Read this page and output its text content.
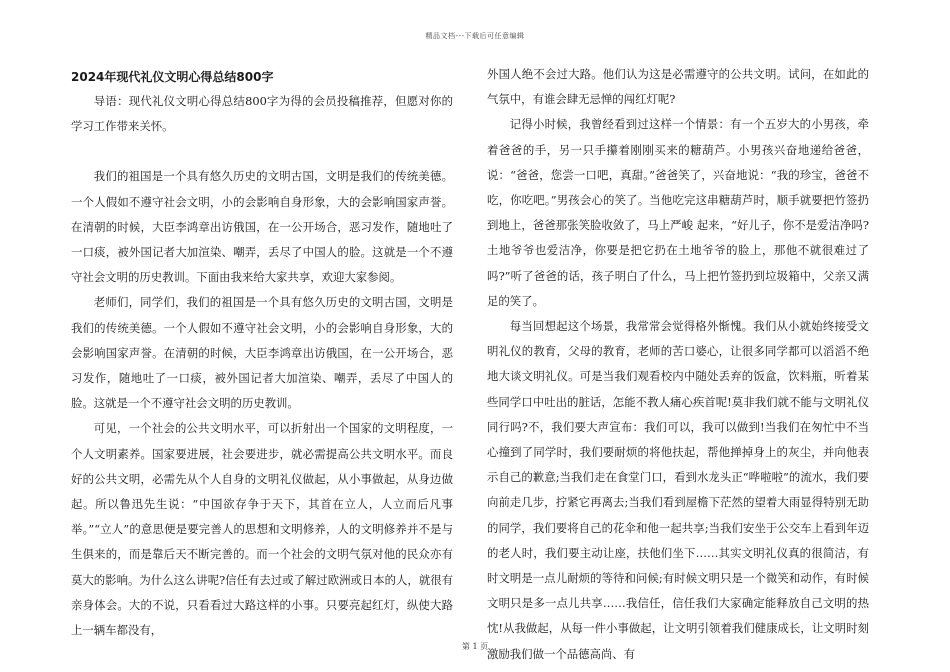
精品文档---下载后可任意编辑

2024年现代礼仪文明心得总结800字

导语：现代礼仪文明心得总结800字为得的会员投稿推荐，但愿对你的学习工作带来关怀。

我们的祖国是一个具有悠久历史的文明古国，文明是我们的传统美德。一个人假如不遵守社会文明，小的会影响自身形象，大的会影响国家声誉。在清朝的时候，大臣李鸿章出访俄国，在一公开场合，恶习发作，随地吐了一口痰，被外国记者大加渲染、嘲弄，丢尽了中国人的脸。这就是一个不遵守社会文明的历史教训。下面由我来给大家共享，欢迎大家参阅。

老师们，同学们，我们的祖国是一个具有悠久历史的文明古国，文明是我们的传统美德。一个人假如不遵守社会文明，小的会影响自身形象，大的会影响国家声誉。在清朝的时候，大臣李鸿章出访俄国，在一公开场合，恶习发作，随地吐了一口痰，被外国记者大加渲染、嘲弄，丢尽了中国人的脸。这就是一个不遵守社会文明的历史教训。

可见，一个社会的公共文明水平，可以折射出一个国家的文明程度，一个人文明素养。国家要进展，社会要进步，就必需提高公共文明水平。而良好的公共文明，必需先从个人自身的文明礼仪做起，从小事做起，从身边做起。所以鲁迅先生说：“中国欲存争于天下，其首在立人，人立而后凡事举。”“立人”的意思便是要完善人的思想和文明修养，人的文明修养并不是与生俱来的，而是靠后天不断完善的。而一个社会的文明气氛对他的民众亦有莫大的影响。为什么这么讲呢?信任有去过或了解过欧洲或日本的人，就很有亲身体会。大的不说，只看看过大路这样的小事。只要亮起红灯，纵使大路上一辆车都没有，

外国人绝不会过大路。他们认为这是必需遵守的公共文明。试问，在如此的气氛中，有谁会肆无忌惮的闯红灯呢?

记得小时候，我曾经看到过这样一个情景：有一个五岁大的小男孩，牵着爸爸的手，另一只手攥着刚刚买来的糖葫芦。小男孩兴奋地递给爸爸，说：“爸爸，您尝一口吧，真甜。”爸爸笑了，兴奋地说：“我的珍宝，爸爸不吃，你吃吧。”男孩会心的笑了。当他吃完这串糖葫芦时，顺手就要把竹签扔到地上，爸爸那张笑脸收敛了，马上严峻 起来，“好儿子，你不是爱洁净吗?土地爷爷也爱洁净，你要是把它扔在土地爷爷的脸上，那他不就很难过了吗?”听了爸爸的话，孩子明白了什么，马上把竹签扔到垃圾箱中，父亲又满足的笑了。

每当回想起这个场景，我常常会觉得格外惭愧。我们从小就始终接受文明礼仪的教育，父母的教育，老师的苦口婆心，让很多同学都可以滔滔不绝地大谈文明礼仪。可是当我们观看校内中随处丢弃的饭盒，饮料瓶，听着某些同学口中吐出的脏话，怎能不教人痛心疾首呢!莫非我们就不能与文明礼仪同行吗?不，我们要大声宣布：我们可以，我可以做到!当我们在匆忙中不当心撞到了同学时，我们要耐烦的将他扶起，帮他掸掉身上的灰尘，并向他表示自己的歉意;当我们走在食堂门口，看到水龙头正“哗啦啦”的流水，我们要向前走几步，拧紧它再离去;当我们看到屋檐下茫然的望着大雨显得特别无助的同学，我们要将自己的花伞和他一起共享;当我们安坐于公交车上看到年迈的老人时，我们要主动让座，扶他们坐下……其实文明礼仪真的很简洁，有时文明是一点儿耐烦的等待和问候;有时候文明只是一个微笑和动作，有时候文明只是多一点儿共享……我信任，信任我们大家确定能释放自己文明的热忱!从我做起，从每一件小事做起，让文明引领着我们健康成长，让文明时刻激励我们做一个品德高尚、有

第 1 页
